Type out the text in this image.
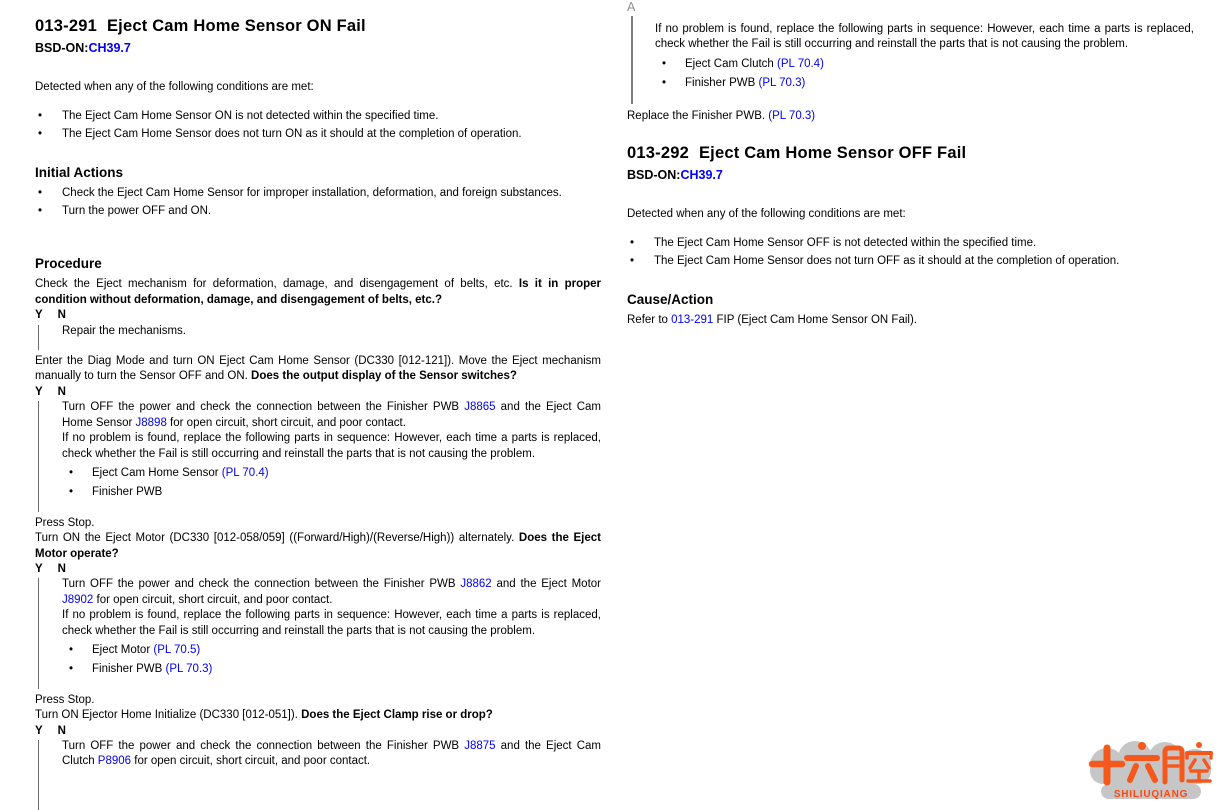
013-291 Eject Cam Home Sensor ON Fail

BSD-ON:CH39.7

Detected when any of the following conditions are met:

• The Eject Cam Home Sensor ON is not detected within the specified time.
• The Eject Cam Home Sensor does not turn ON as it should at the completion of operation.
Initial Actions
• Check the Eject Cam Home Sensor for improper installation, deformation, and foreign substances.
• Turn the power OFF and ON.
Procedure

Check the Eject mechanism for deformation, damage, and disengagement of belts, etc. Is it in proper condition without deformation, damage, and disengagement of belts, etc.?

Y N

Repair the mechanisms.

Enter the Diag Mode and turn ON Eject Cam Home Sensor (DC330 [012-121]). Move the Eject mechanism manually to turn the Sensor OFF and ON. Does the output display of the Sensor switches?

Y N

Turn OFF the power and check the connection between the Finisher PWB J8865 and the Eject Cam Home Sensor J8898 for open circuit, short circuit, and poor contact.

If no problem is found, replace the following parts in sequence: However, each time a parts is replaced, check whether the Fail is still occurring and reinstall the parts that is not causing the problem.

• Eject Cam Home Sensor (PL 70.4)
• Finisher PWB

Press Stop.

Turn ON the Eject Motor (DC330 [012-058/059] ((Forward/High)/(Reverse/High)) alternately. Does the Eject Motor operate?

Y N

Turn OFF the power and check the connection between the Finisher PWB J8862 and the Eject Motor J8902 for open circuit, short circuit, and poor contact.

If no problem is found, replace the following parts in sequence: However, each time a parts is replaced, check whether the Fail is still occurring and reinstall the parts that is not causing the problem.

• Eject Motor (PL 70.5)
• Finisher PWB (PL 70.3)

Press Stop.

Turn ON Ejector Home Initialize (DC330 [012-051]). Does the Eject Clamp rise or drop?

Y N

Turn OFF the power and check the connection between the Finisher PWB J8875 and the Eject Cam Clutch P8906 for open circuit, short circuit, and poor contact.

A

If no problem is found, replace the following parts in sequence: However, each time a parts is replaced, check whether the Fail is still occurring and reinstall the parts that is not causing the problem.

• Eject Cam Clutch (PL 70.4)
• Finisher PWB (PL 70.3)

Replace the Finisher PWB. (PL 70.3)

013-292 Eject Cam Home Sensor OFF Fail

BSD-ON:CH39.7

Detected when any of the following conditions are met:

• The Eject Cam Home Sensor OFF is not detected within the specified time.
• The Eject Cam Home Sensor does not turn OFF as it should at the completion of operation.
Cause/Action

Refer to 013-291 FIP (Eject Cam Home Sensor ON Fail).

SHILIUQIANG
